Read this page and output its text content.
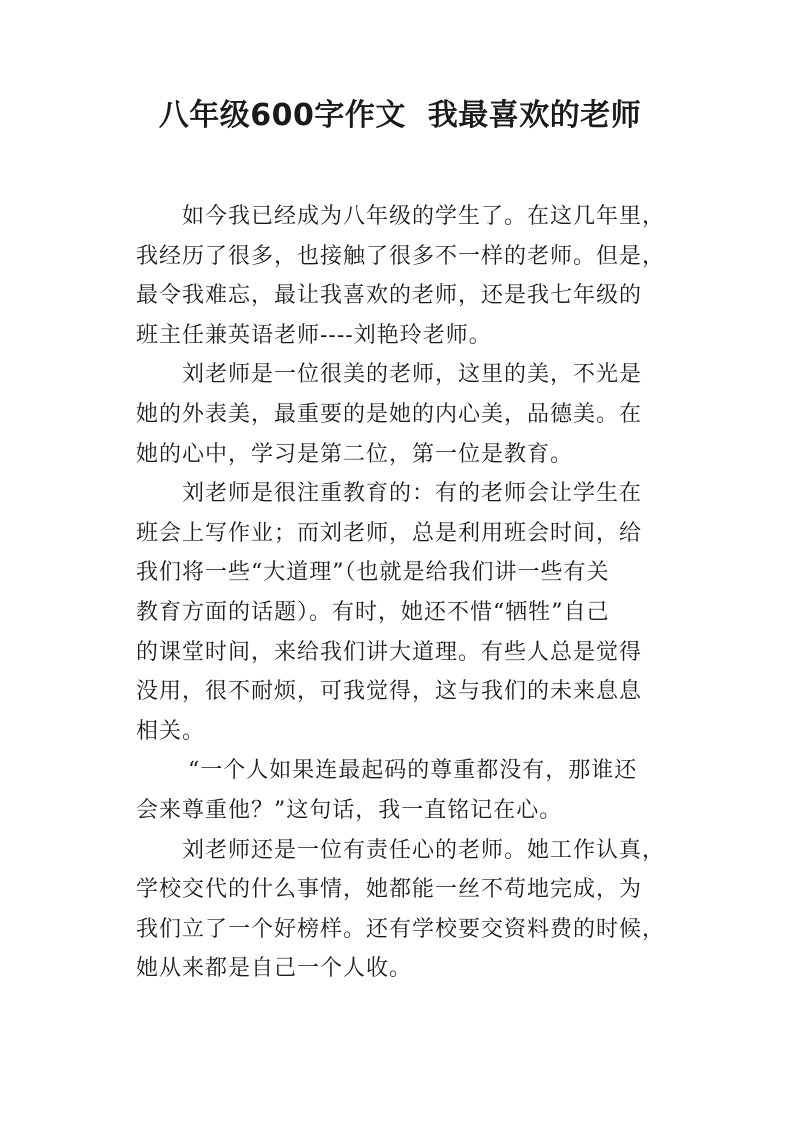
八年级600字作文  我最喜欢的老师
如今我已经成为八年级的学生了。在这几年里，
我经历了很多，也接触了很多不一样的老师。但是，
最令我难忘，最让我喜欢的老师，还是我七年级的
班主任兼英语老师----刘艳玲老师。
刘老师是一位很美的老师，这里的美，不光是
她的外表美，最重要的是她的内心美，品德美。在
她的心中，学习是第二位，第一位是教育。
刘老师是很注重教育的：有的老师会让学生在
班会上写作业；而刘老师，总是利用班会时间，给
我们将一些“大道理”（也就是给我们讲一些有关
教育方面的话题）。有时，她还不惜“牺牲”自己
的课堂时间，来给我们讲大道理。有些人总是觉得
没用，很不耐烦，可我觉得，这与我们的未来息息
相关。
“一个人如果连最起码的尊重都没有，那谁还
会来尊重他？”这句话，我一直铭记在心。
刘老师还是一位有责任心的老师。她工作认真，
学校交代的什么事情，她都能一丝不苟地完成，为
我们立了一个好榜样。还有学校要交资料费的时候，
她从来都是自己一个人收。
